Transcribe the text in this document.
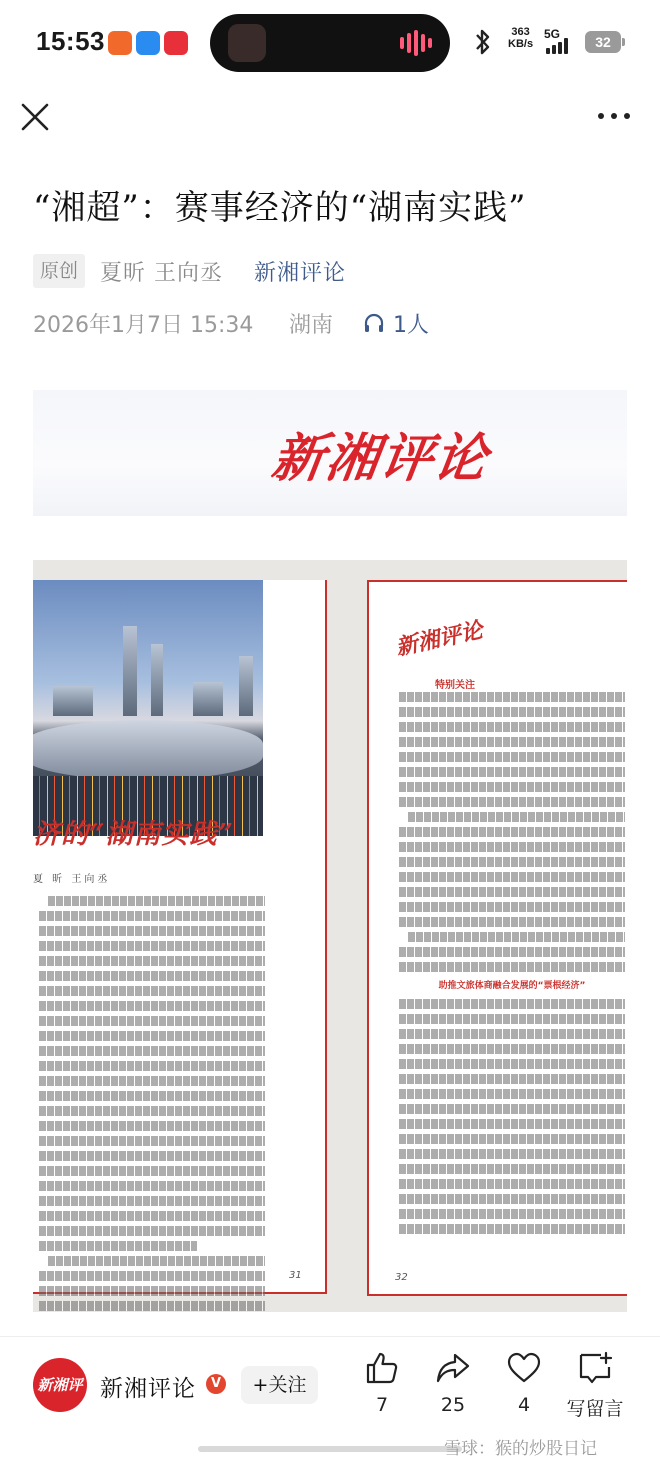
15:53	363
KB/s
5G	32
“湘超”：赛事经济的“湖南实践”
原创 夏昕 王向丞 新湘评论
2026年1月7日 15:34 湖南	1人
新湘评论
济的“湖南实践”
夏 昕 王向丞
31
新湘评论
特别关注
助推文旅体商融合发展的“票根经济”
32
新湘评论
新湘评论	V	+关注
7	25	4	写留言
雪球：猴的炒股日记
